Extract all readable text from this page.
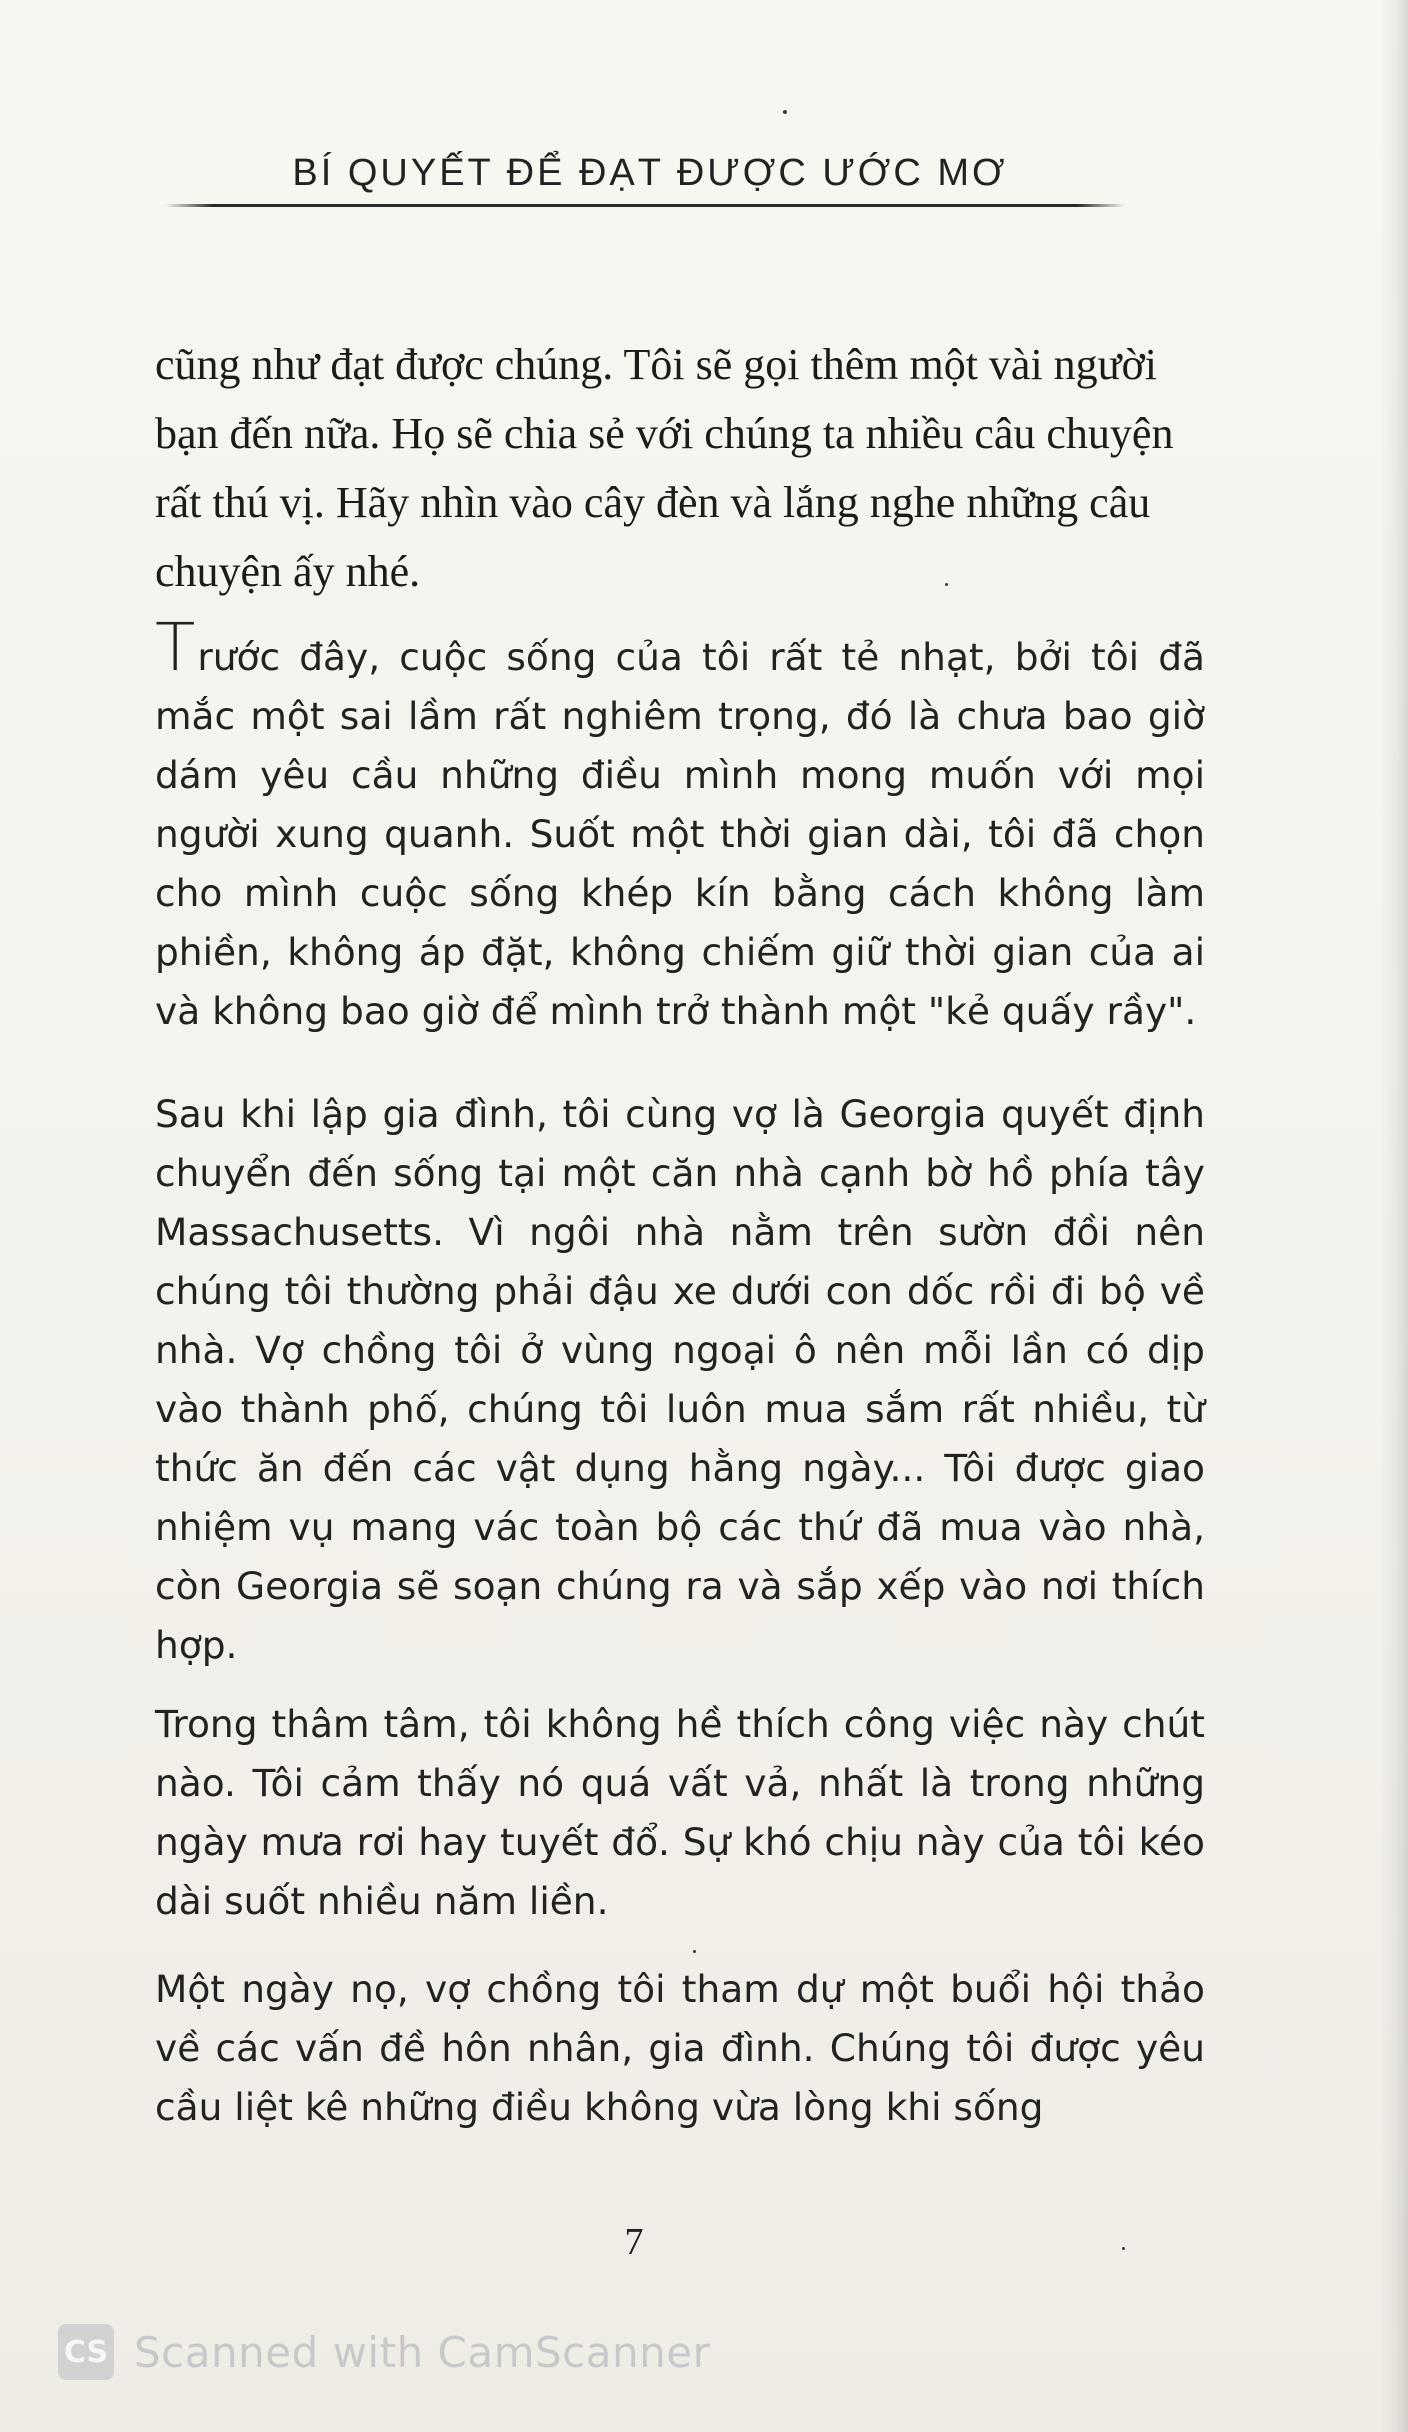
BÍ QUYẾT ĐỂ ĐẠT ĐƯỢC ƯỚC MƠ

cũng như đạt được chúng. Tôi sẽ gọi thêm một vài người bạn đến nữa. Họ sẽ chia sẻ với chúng ta nhiều câu chuyện rất thú vị. Hãy nhìn vào cây đèn và lắng nghe những câu chuyện ấy nhé.

Trước đây, cuộc sống của tôi rất tẻ nhạt, bởi tôi đã mắc một sai lầm rất nghiêm trọng, đó là chưa bao giờ dám yêu cầu những điều mình mong muốn với mọi người xung quanh. Suốt một thời gian dài, tôi đã chọn cho mình cuộc sống khép kín bằng cách không làm phiền, không áp đặt, không chiếm giữ thời gian của ai và không bao giờ để mình trở thành một "kẻ quấy rầy".

Sau khi lập gia đình, tôi cùng vợ là Georgia quyết định chuyển đến sống tại một căn nhà cạnh bờ hồ phía tây Massachusetts. Vì ngôi nhà nằm trên sườn đồi nên chúng tôi thường phải đậu xe dưới con dốc rồi đi bộ về nhà. Vợ chồng tôi ở vùng ngoại ô nên mỗi lần có dịp vào thành phố, chúng tôi luôn mua sắm rất nhiều, từ thức ăn đến các vật dụng hằng ngày... Tôi được giao nhiệm vụ mang vác toàn bộ các thứ đã mua vào nhà, còn Georgia sẽ soạn chúng ra và sắp xếp vào nơi thích hợp.

Trong thâm tâm, tôi không hề thích công việc này chút nào. Tôi cảm thấy nó quá vất vả, nhất là trong những ngày mưa rơi hay tuyết đổ. Sự khó chịu này của tôi kéo dài suốt nhiều năm liền.

Một ngày nọ, vợ chồng tôi tham dự một buổi hội thảo về các vấn đề hôn nhân, gia đình. Chúng tôi được yêu cầu liệt kê những điều không vừa lòng khi sống

7
CS Scanned with CamScanner
